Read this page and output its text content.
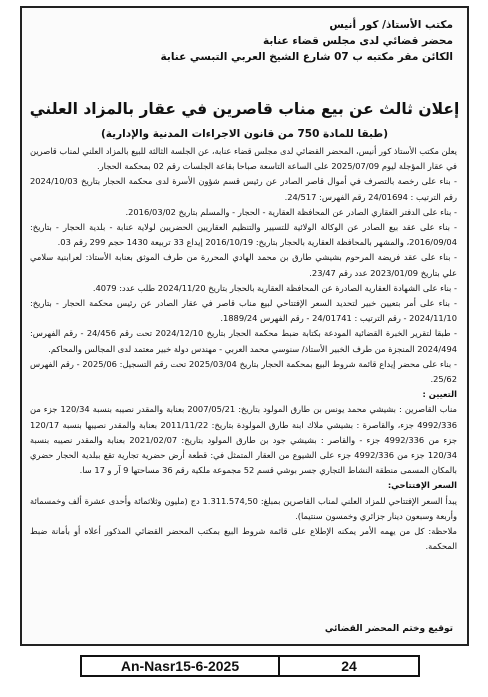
مكتب الأستاذ/ كور أنيس
محضر قضائي لدى مجلس قضاء عنابة
الكائن مقر مكتبه ب 07 شارع الشيخ العربي التبسي عنابة
إعلان ثالث عن بيع مناب قاصرين في عقار بالمزاد العلني
(طبقا للمادة 750 من قانون الاجراءات المدنية والإدارية)

يعلن مكتب الأستاذ كور أنيس، المحضر القضائي لدى مجلس قضاء عنابة، عن الجلسة الثالثة للبيع بالمزاد العلني لمناب قاصرين في عقار المؤجلة ليوم 2025/07/09 على الساعة التاسعة صباحا بقاعة الجلسات رقم 02 بمحكمة الحجار.

- بناء على رخصة بالتصرف في أموال قاصر الصادر عن رئيس قسم شؤون الأسرة لدى محكمة الحجار بتاريخ 2024/10/03 رقم الترتيب : 24/01694 رقم الفهرس: 24/517.

- بناء على الدفتر العقاري الصادر عن المحافظة العقارية - الحجار - والمسلم بتاريخ 2016/03/02.

- بناء على عقد بيع الصادر عن الوكالة الولائية للتسيير والتنظيم العقاريين الحضريين لولاية عنابة - بلدية الحجار - بتاريخ: 2016/09/04، والمشهر بالمحافظة العقارية بالحجار بتاريخ: 2016/10/19 إيداع 33 تربيعة 1430 حجم 299 رقم 03.

- بناء على عقد فريضة المرحوم بشيشي طارق بن محمد الهادي المحررة من طرف الموثق بعنابة الأستاذ: لعرابنية سلامي علي بتاريخ 2023/01/09 عدد رقم 23/47.

- بناء على الشهادة العقارية الصادرة عن المحافظة العقارية بالحجار بتاريخ 2024/11/20 طلب عدد: 4079.

- بناء على أمر بتعيين خبير لتحديد السعر الإفتتاحي لبيع مناب قاصر في عقار الصادر عن رئيس محكمة الحجار - بتاريخ: 2024/11/10 - رقم الترتيب : 24/01741 - رقم الفهرس 1889/24.

- طبقا لتقرير الخبرة القضائية المودعة بكتابة ضبط محكمة الحجار بتاريخ 2024/12/10 تحت رقم 24/456 - رقم الفهرس: 2024/494 المنجزة من طرف الخبير الأستاذ/ سنوسي محمد العربي - مهندس دولة خبير معتمد لدى المجالس والمحاكم.

- بناء على محضر إيداع قائمة شروط البيع بمحكمة الحجار بتاريخ 2025/03/04 تحت رقم التسجيل: 2025/06 - رقم الفهرس 25/62.

التعيين :

مناب القاصرين : بشيشي محمد يونس بن طارق المولود بتاريخ: 2007/05/21 بعنابة والمقدر نصيبه بنسبة 120/34 جزء من 4992/336 جزء، والقاصرة : بشيشي ملاك ابنة طارق المولودة بتاريخ: 2011/11/22 بعنابة والمقدر نصيبها بنسبة 120/17 جزء من 4992/336 جزء - والقاصر : بشيشي جود بن طارق المولود بتاريخ: 2021/02/07 بعنابة والمقدر نصيبه بنسبة 120/34 جزء من 4992/336 جزء على الشيوع من العقار المتمثل في: قطعة أرض حضرية تجارية تقع ببلدية الحجار حضري بالمكان المسمى منطقة النشاط التجاري جسر بوشي قسم 52 مجموعة ملكية رقم 36 مساحتها 9 آر و 17 سا.

السعر الإفتتاحي:

يبدأ السعر الإفتتاحي للمزاد العلني لمناب القاصرين بمبلغ: 1.311.574,50 دج (مليون وثلاثمائة وأحدى عشرة ألف وخمسمائة وأربعة وسبعون دينار جزائري وخمسون سنتيما).

ملاحظة: كل من يهمه الأمر يمكنه الإطلاع على قائمة شروط البيع بمكتب المحضر القضائي المذكور أعلاه أو بأمانة ضبط المحكمة.

توقيع وختم المحضر القضائي
An-Nasr15-6-2025	24
